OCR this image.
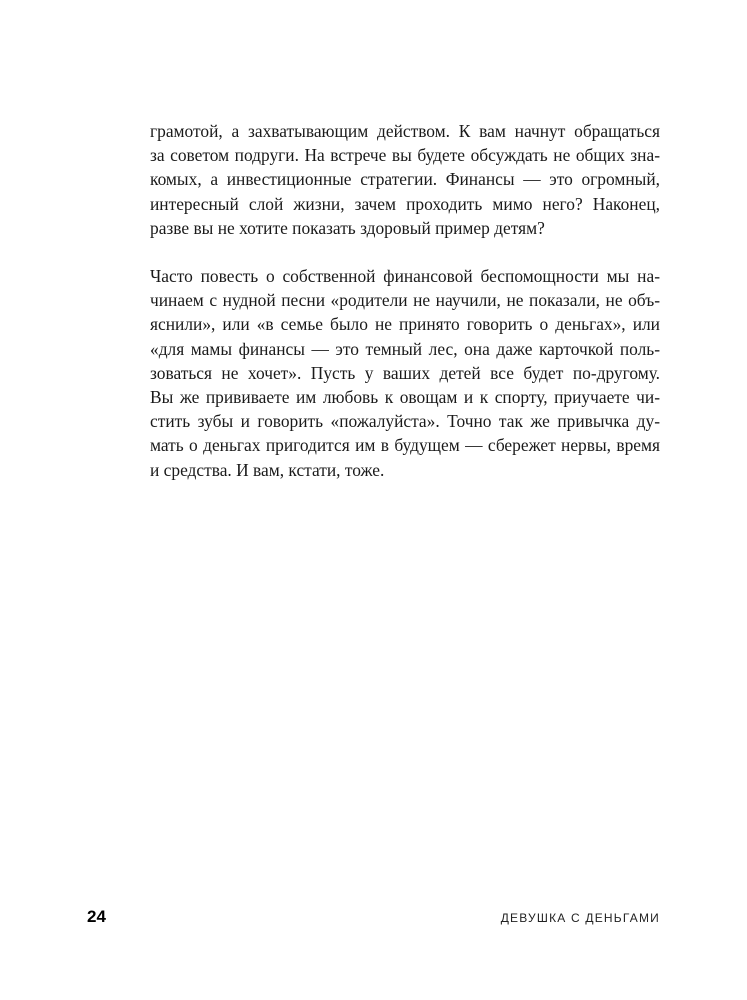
грамотой, а захватывающим действом. К вам начнут обращаться
за советом подруги. На встрече вы будете обсуждать не общих зна-
комых, а инвестиционные стратегии. Финансы — это огромный,
интересный слой жизни, зачем проходить мимо него? Наконец,
разве вы не хотите показать здоровый пример детям?

Часто повесть о собственной финансовой беспомощности мы на-
чинаем с нудной песни «родители не научили, не показали, не объ-
яснили», или «в семье было не принято говорить о деньгах», или
«для мамы финансы — это темный лес, она даже карточкой поль-
зоваться не хочет». Пусть у ваших детей все будет по-другому.
Вы же прививаете им любовь к овощам и к спорту, приучаете чи-
стить зубы и говорить «пожалуйста». Точно так же привычка ду-
мать о деньгах пригодится им в будущем — сбережет нервы, время
и средства. И вам, кстати, тоже.

24	ДЕВУШКА С ДЕНЬГАМИ
